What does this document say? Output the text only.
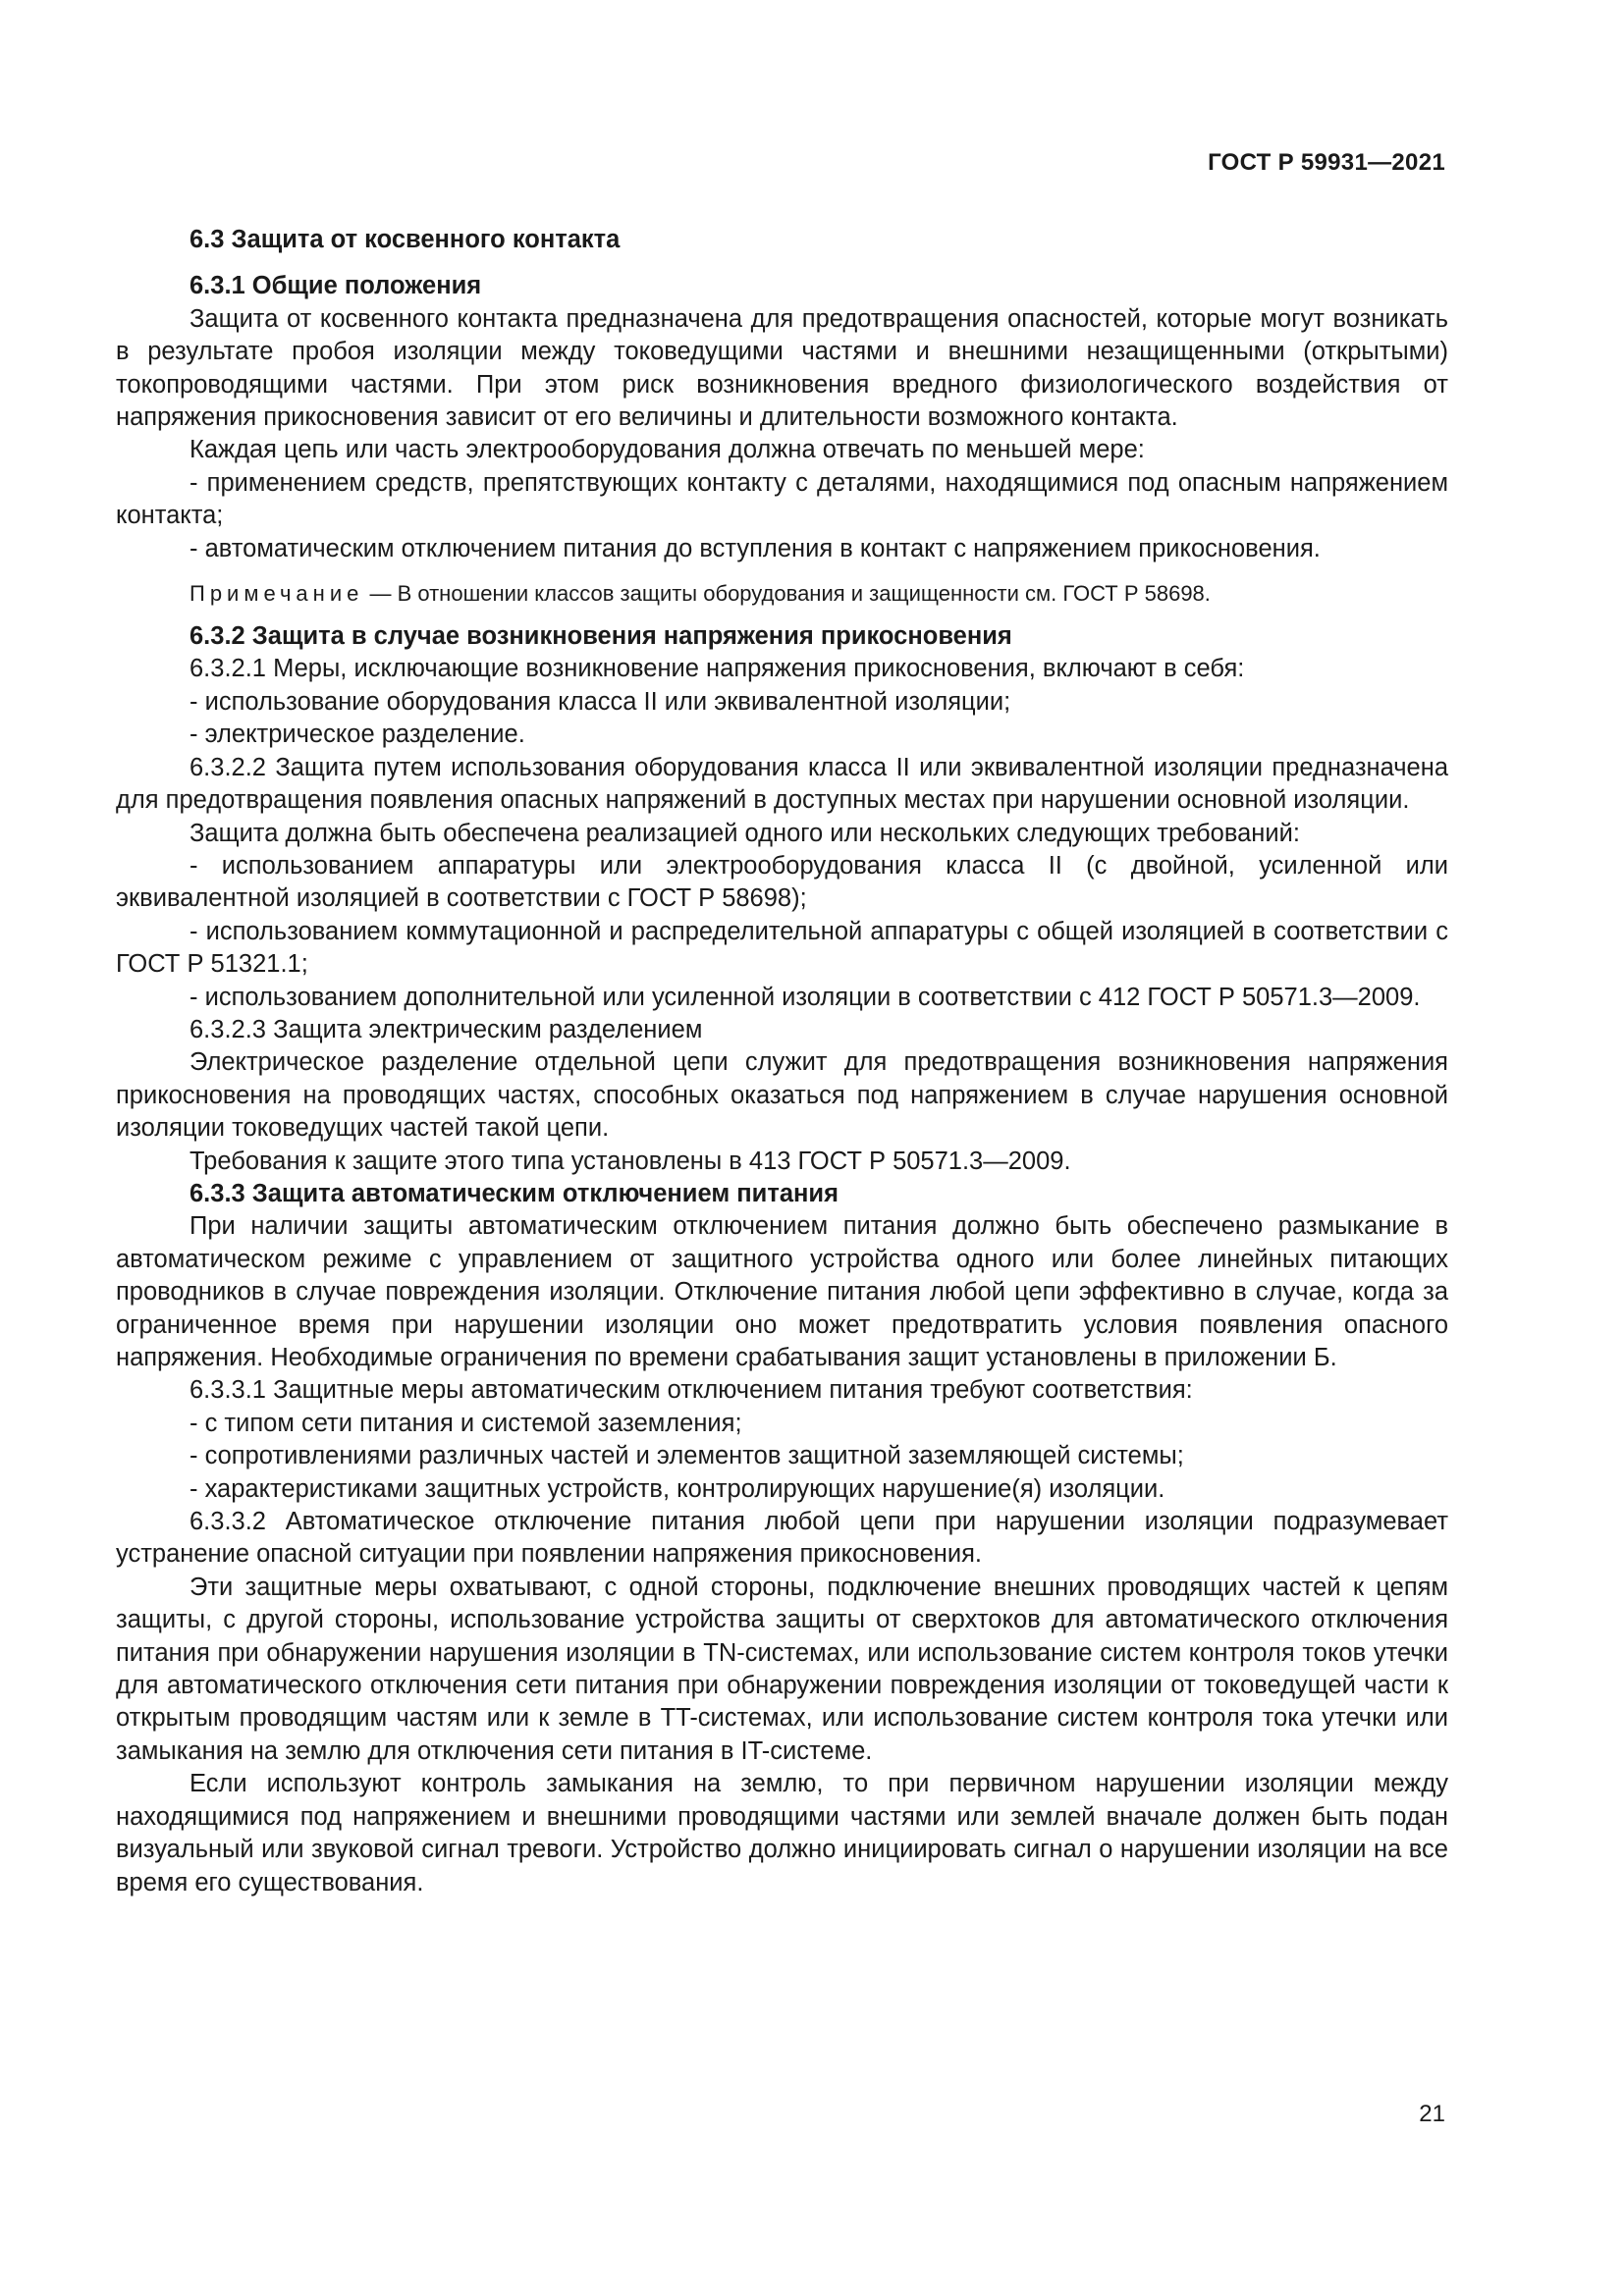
ГОСТ Р 59931—2021
6.3 Защита от косвенного контакта
6.3.1 Общие положения

Защита от косвенного контакта предназначена для предотвращения опасностей, которые могут возникать в результате пробоя изоляции между токоведущими частями и внешними незащищенными (открытыми) токопроводящими частями. При этом риск возникновения вредного физиологического воздействия от напряжения прикосновения зависит от его величины и длительности возможного контакта.

Каждая цепь или часть электрооборудования должна отвечать по меньшей мере:

- применением средств, препятствующих контакту с деталями, находящимися под опасным напряжением контакта;

- автоматическим отключением питания до вступления в контакт с напряжением прикосновения.

Примечание — В отношении классов защиты оборудования и защищенности см. ГОСТ Р 58698.

6.3.2 Защита в случае возникновения напряжения прикосновения

6.3.2.1 Меры, исключающие возникновение напряжения прикосновения, включают в себя:

- использование оборудования класса II или эквивалентной изоляции;

- электрическое разделение.

6.3.2.2 Защита путем использования оборудования класса II или эквивалентной изоляции предназначена для предотвращения появления опасных напряжений в доступных местах при нарушении основной изоляции.

Защита должна быть обеспечена реализацией одного или нескольких следующих требований:

- использованием аппаратуры или электрооборудования класса II (с двойной, усиленной или эквивалентной изоляцией в соответствии с ГОСТ Р 58698);

- использованием коммутационной и распределительной аппаратуры с общей изоляцией в соответствии с ГОСТ Р 51321.1;

- использованием дополнительной или усиленной изоляции в соответствии с 412 ГОСТ Р 50571.3—2009.

6.3.2.3 Защита электрическим разделением

Электрическое разделение отдельной цепи служит для предотвращения возникновения напряжения прикосновения на проводящих частях, способных оказаться под напряжением в случае нарушения основной изоляции токоведущих частей такой цепи.

Требования к защите этого типа установлены в 413 ГОСТ Р 50571.3—2009.

6.3.3 Защита автоматическим отключением питания

При наличии защиты автоматическим отключением питания должно быть обеспечено размыкание в автоматическом режиме с управлением от защитного устройства одного или более линейных питающих проводников в случае повреждения изоляции. Отключение питания любой цепи эффективно в случае, когда за ограниченное время при нарушении изоляции оно может предотвратить условия появления опасного напряжения. Необходимые ограничения по времени срабатывания защит установлены в приложении Б.

6.3.3.1 Защитные меры автоматическим отключением питания требуют соответствия:

- с типом сети питания и системой заземления;

- сопротивлениями различных частей и элементов защитной заземляющей системы;

- характеристиками защитных устройств, контролирующих нарушение(я) изоляции.

6.3.3.2 Автоматическое отключение питания любой цепи при нарушении изоляции подразумевает устранение опасной ситуации при появлении напряжения прикосновения.

Эти защитные меры охватывают, с одной стороны, подключение внешних проводящих частей к цепям защиты, с другой стороны, использование устройства защиты от сверхтоков для автоматического отключения питания при обнаружении нарушения изоляции в TN-системах, или использование систем контроля токов утечки для автоматического отключения сети питания при обнаружении повреждения изоляции от токоведущей части к открытым проводящим частям или к земле в TT-системах, или использование систем контроля тока утечки или замыкания на землю для отключения сети питания в IT-системе.

Если используют контроль замыкания на землю, то при первичном нарушении изоляции между находящимися под напряжением и внешними проводящими частями или землей вначале должен быть подан визуальный или звуковой сигнал тревоги. Устройство должно инициировать сигнал о нарушении изоляции на все время его существования.

21
